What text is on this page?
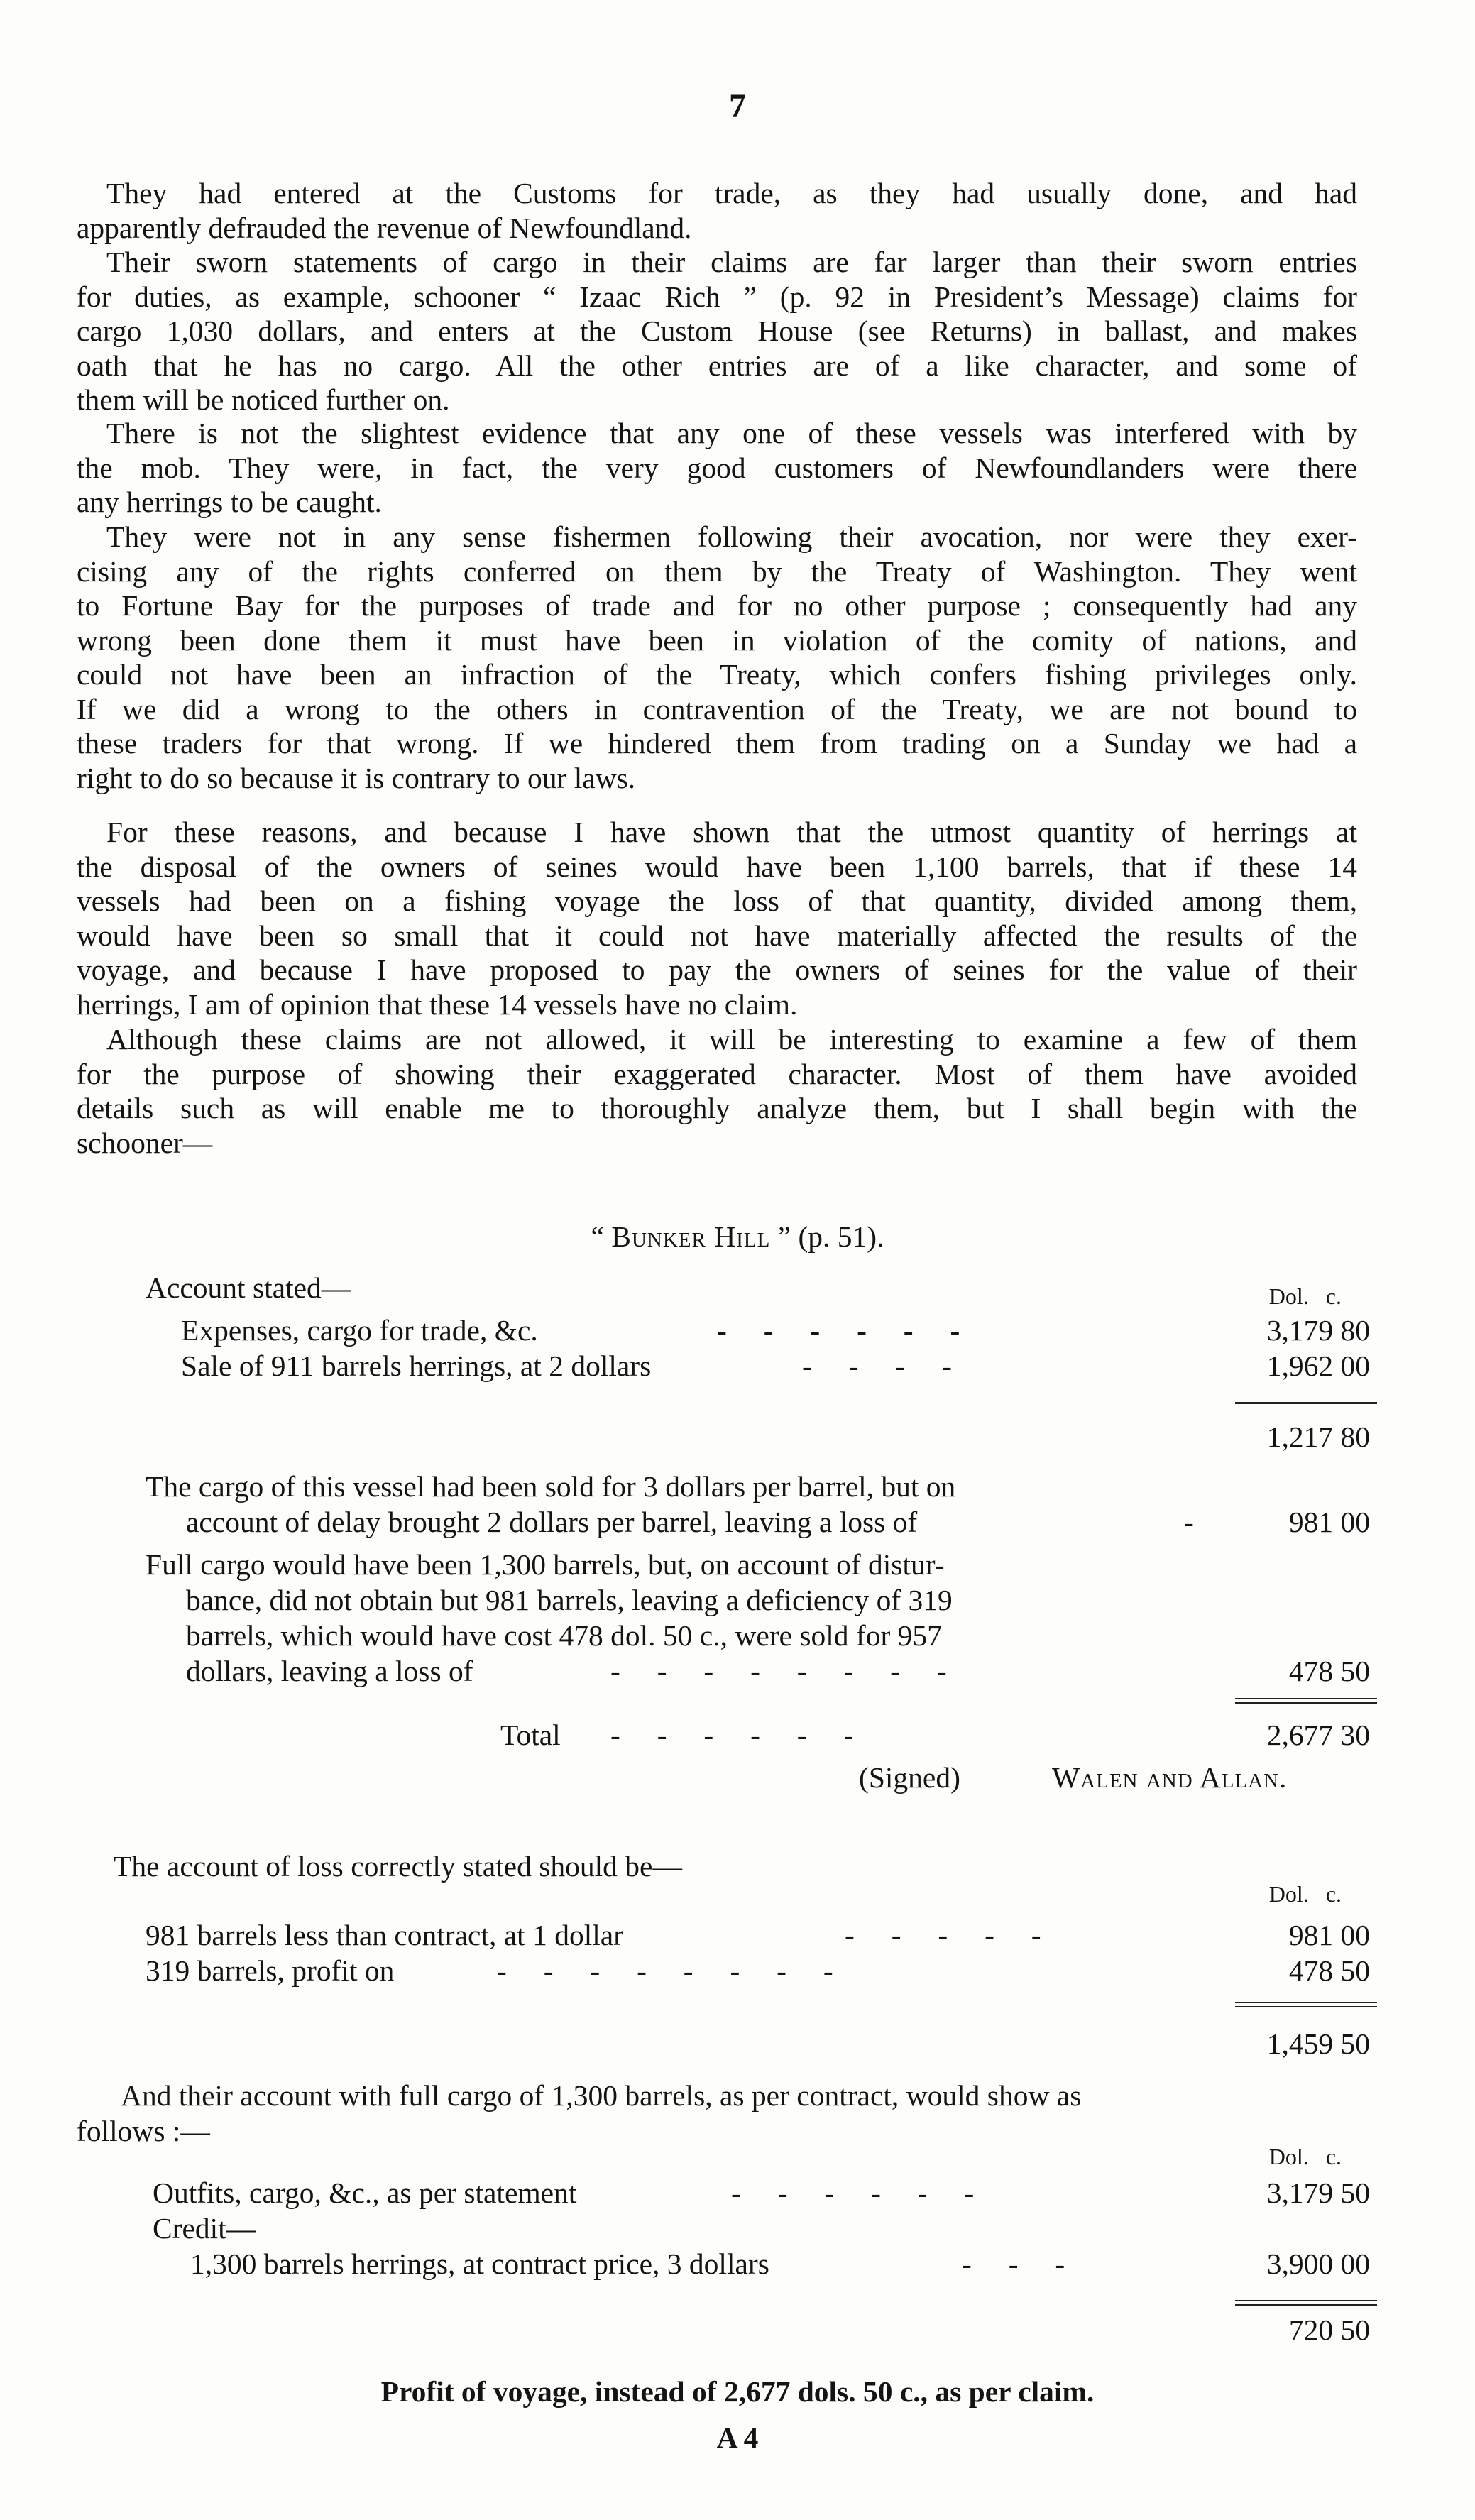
7
They had entered at the Customs for trade, as they had usually done, and had
apparently defrauded the revenue of Newfoundland.
Their sworn statements of cargo in their claims are far larger than their sworn entries
for duties, as example, schooner “ Izaac Rich ” (p. 92 in President’s Message) claims for
cargo 1,030 dollars, and enters at the Custom House (see Returns) in ballast, and makes
oath that he has no cargo. All the other entries are of a like character, and some of
them will be noticed further on.
There is not the slightest evidence that any one of these vessels was interfered with by
the mob. They were, in fact, the very good customers of Newfoundlanders were there
any herrings to be caught.
They were not in any sense fishermen following their avocation, nor were they exer-
cising any of the rights conferred on them by the Treaty of Washington. They went
to Fortune Bay for the purposes of trade and for no other purpose ; consequently had any
wrong been done them it must have been in violation of the comity of nations, and
could not have been an infraction of the Treaty, which confers fishing privileges only.
If we did a wrong to the others in contravention of the Treaty, we are not bound to
these traders for that wrong. If we hindered them from trading on a Sunday we had a
right to do so because it is contrary to our laws.
For these reasons, and because I have shown that the utmost quantity of herrings at
the disposal of the owners of seines would have been 1,100 barrels, that if these 14
vessels had been on a fishing voyage the loss of that quantity, divided among them,
would have been so small that it could not have materially affected the results of the
voyage, and because I have proposed to pay the owners of seines for the value of their
herrings, I am of opinion that these 14 vessels have no claim.
Although these claims are not allowed, it will be interesting to examine a few of them
for the purpose of showing their exaggerated character. Most of them have avoided
details such as will enable me to thoroughly analyze them, but I shall begin with the
schooner—
“ Bunker Hill ” (p. 51).
Account stated—	Dol. c.
Expenses, cargo for trade, &c.	-     -     -     -     -     -	3,179 80
Sale of 911 barrels herrings, at 2 dollars	-     -     -     -	1,962 00
1,217 80
The cargo of this vessel had been sold for 3 dollars per barrel, but on
account of delay brought 2 dollars per barrel, leaving a loss of	-	981 00
Full cargo would have been 1,300 barrels, but, on account of distur-
bance, did not obtain but 981 barrels, leaving a deficiency of 319
barrels, which would have cost 478 dol. 50 c., were sold for 957
dollars, leaving a loss of	-     -     -     -     -     -     -     -	478 50
Total -     -     -     -     -     -	2,677 30
(Signed)	Walen and Allan.
The account of loss correctly stated should be—
Dol. c.
981 barrels less than contract, at 1 dollar	-     -     -     -     -	981 00
319 barrels, profit on	-     -     -     -     -     -     -     -	478 50
1,459 50
And their account with full cargo of 1,300 barrels, as per contract, would show as
follows :—
Dol. c.
Outfits, cargo, &c., as per statement	-     -     -     -     -     -	3,179 50
Credit—
1,300 barrels herrings, at contract price, 3 dollars	-     -     -	3,900 00
720 50
Profit of voyage, instead of 2,677 dols. 50 c., as per claim.
A 4
